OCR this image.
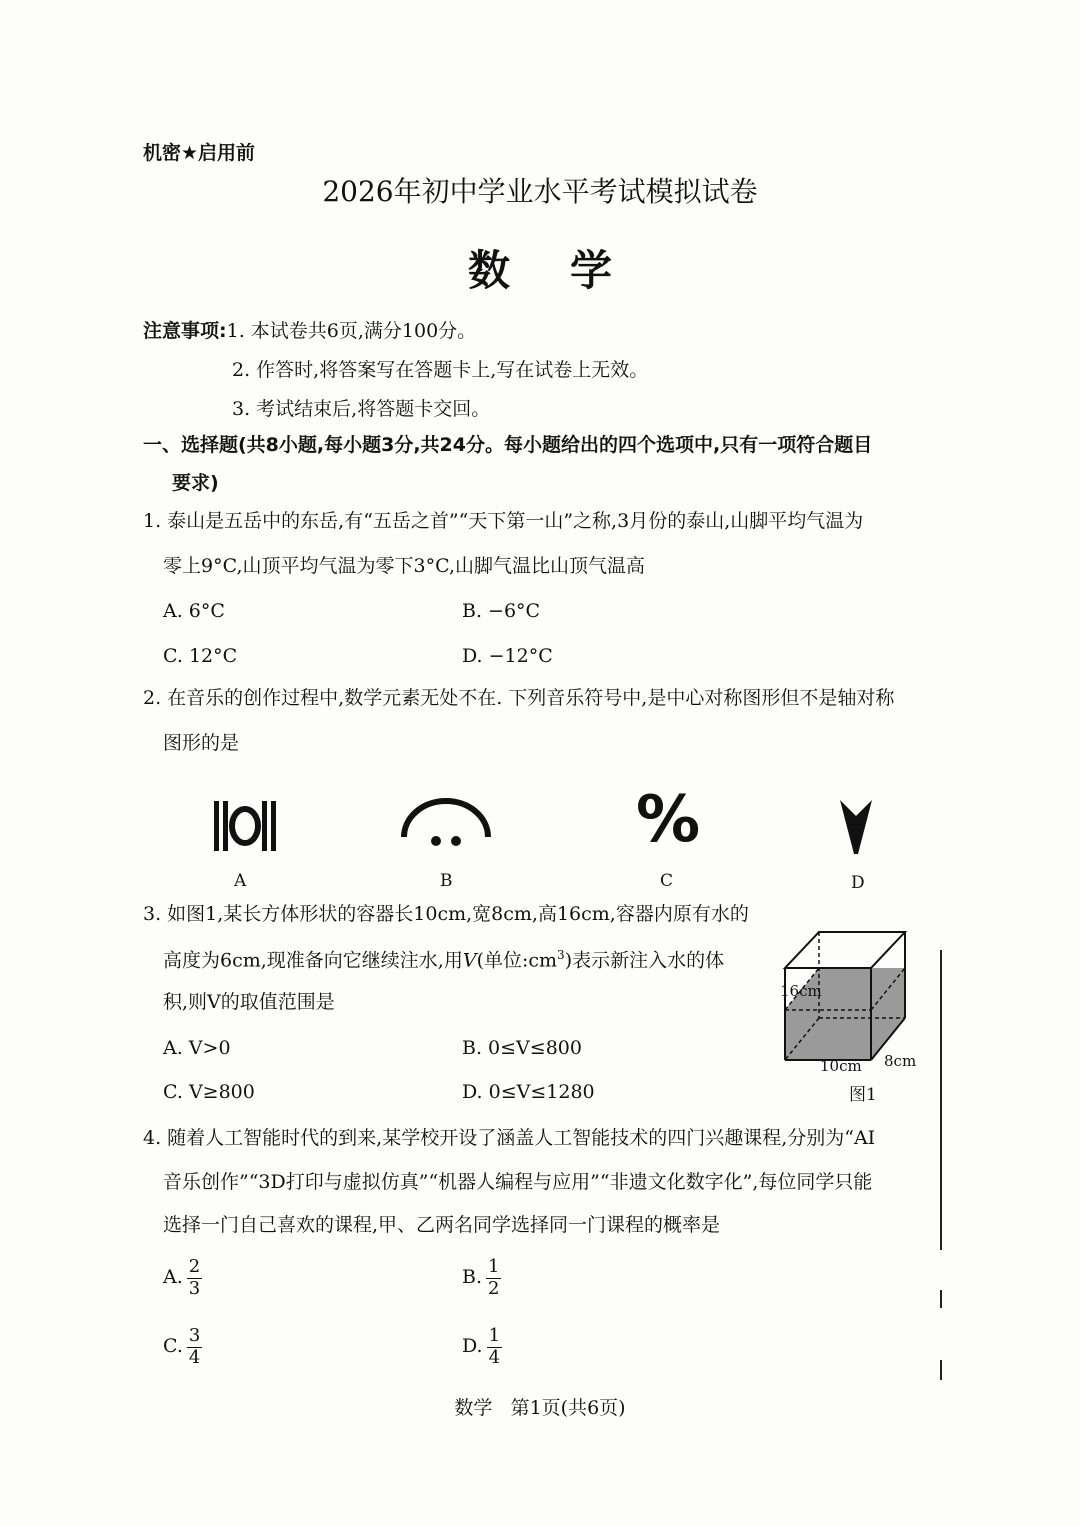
机密★启用前
2026年初中学业水平考试模拟试卷
数学
注意事项:1. 本试卷共6页,满分100分。
2. 作答时,将答案写在答题卡上,写在试卷上无效。
3. 考试结束后,将答题卡交回。
一、选择题(共8小题,每小题3分,共24分。每小题给出的四个选项中,只有一项符合题目
要求)
1. 泰山是五岳中的东岳,有“五岳之首”“天下第一山”之称,3月份的泰山,山脚平均气温为
零上9°C,山顶平均气温为零下3°C,山脚气温比山顶气温高
A. 6°C	B. −6°C
C. 12°C	D. −12°C
2. 在音乐的创作过程中,数学元素无处不在. 下列音乐符号中,是中心对称图形但不是轴对称
图形的是
A	B
%
C	D
3. 如图1,某长方体形状的容器长10cm,宽8cm,高16cm,容器内原有水的
高度为6cm,现准备向它继续注水,用V(单位$:cm^3$)表示新注入水的体
积,则V的取值范围是
A. V>0	B. 0≤V≤800
C. V≥800	D. 0≤V≤1280
16cm
10cm 8cm
图1
4. 随着人工智能时代的到来,某学校开设了涵盖人工智能技术的四门兴趣课程,分别为“AI
音乐创作”“3D打印与虚拟仿真”“机器人编程与应用”“非遗文化数字化”,每位同学只能
选择一门自己喜欢的课程,甲、乙两名同学选择同一门课程的概率是
A. $\frac{2}{3}$	B. $\frac{1}{2}$
C. $\frac{3}{4}$	D. $\frac{1}{4}$
数学 第1页(共6页)
